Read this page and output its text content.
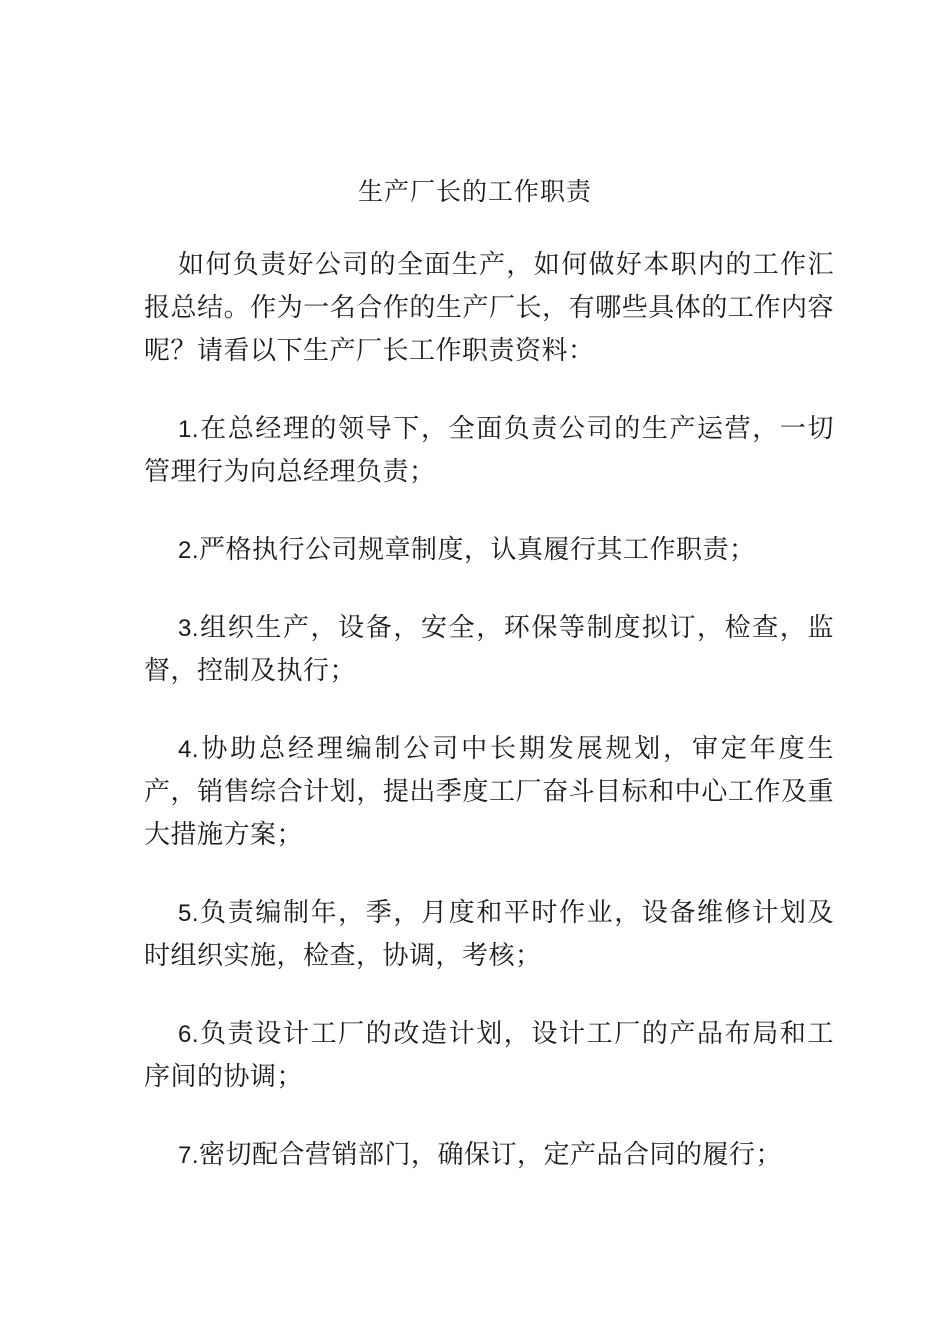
生产厂长的工作职责

如何负责好公司的全面生产，如何做好本职内的工作汇报总结。作为一名合作的生产厂长，有哪些具体的工作内容呢？请看以下生产厂长工作职责资料：

1.在总经理的领导下，全面负责公司的生产运营，一切管理行为向总经理负责；

2.严格执行公司规章制度，认真履行其工作职责；

3.组织生产，设备，安全，环保等制度拟订，检查，监督，控制及执行；

4.协助总经理编制公司中长期发展规划，审定年度生产，销售综合计划，提出季度工厂奋斗目标和中心工作及重大措施方案；

5.负责编制年，季，月度和平时作业，设备维修计划及时组织实施，检查，协调，考核；

6.负责设计工厂的改造计划，设计工厂的产品布局和工序间的协调；

7.密切配合营销部门，确保订，定产品合同的履行；
